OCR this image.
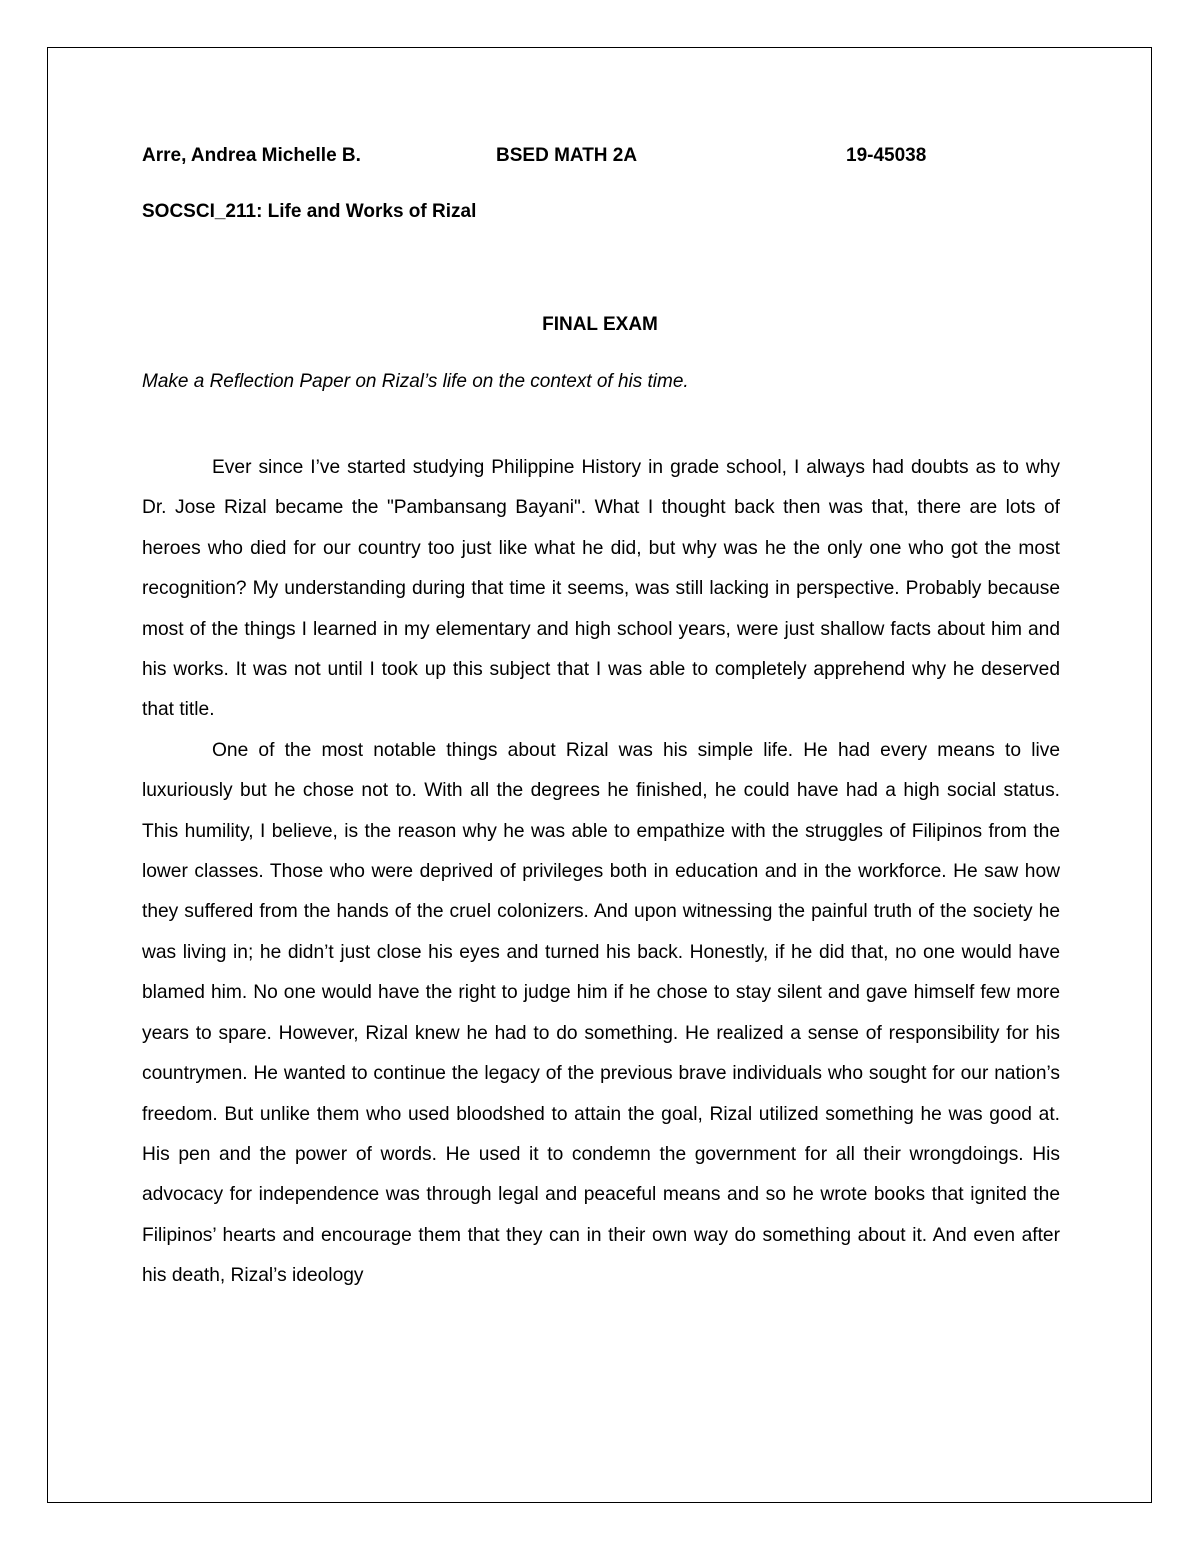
Arre, Andrea Michelle B.	BSED MATH 2A	19-45038
SOCSCI_211: Life and Works of Rizal
FINAL EXAM
Make a Reflection Paper on Rizal’s life on the context of his time.

Ever since I’ve started studying Philippine History in grade school, I always had doubts as to why Dr. Jose Rizal became the "Pambansang Bayani". What I thought back then was that, there are lots of heroes who died for our country too just like what he did, but why was he the only one who got the most recognition? My understanding during that time it seems, was still lacking in perspective. Probably because most of the things I learned in my elementary and high school years, were just shallow facts about him and his works. It was not until I took up this subject that I was able to completely apprehend why he deserved that title.

One of the most notable things about Rizal was his simple life. He had every means to live luxuriously but he chose not to. With all the degrees he finished, he could have had a high social status. This humility, I believe, is the reason why he was able to empathize with the struggles of Filipinos from the lower classes. Those who were deprived of privileges both in education and in the workforce. He saw how they suffered from the hands of the cruel colonizers. And upon witnessing the painful truth of the society he was living in; he didn’t just close his eyes and turned his back. Honestly, if he did that, no one would have blamed him. No one would have the right to judge him if he chose to stay silent and gave himself few more years to spare. However, Rizal knew he had to do something. He realized a sense of responsibility for his countrymen. He wanted to continue the legacy of the previous brave individuals who sought for our nation’s freedom. But unlike them who used bloodshed to attain the goal, Rizal utilized something he was good at. His pen and the power of words. He used it to condemn the government for all their wrongdoings. His advocacy for independence was through legal and peaceful means and so he wrote books that ignited the Filipinos’ hearts and encourage them that they can in their own way do something about it. And even after his death, Rizal’s ideology
